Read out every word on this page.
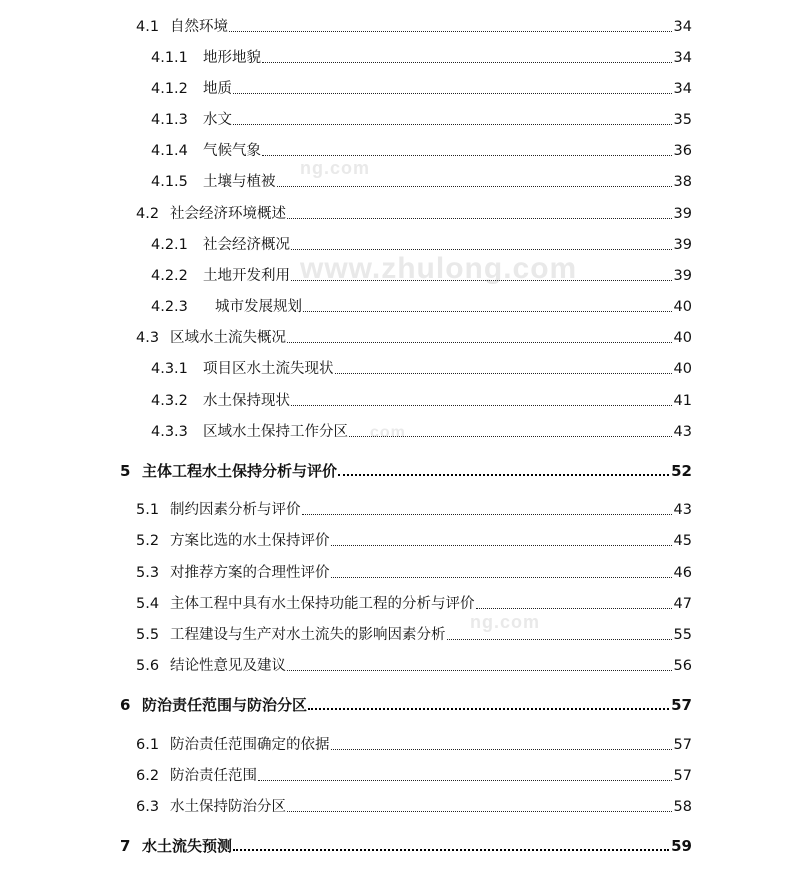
ng.com
www.zhulong.com
com
ng.com
4.1 自然环境	34
4.1.1	地形地貌	34
4.1.2	地质	34
4.1.3	水文	35
4.1.4	气候气象	36
4.1.5	土壤与植被	38
4.2 社会经济环境概述	39
4.2.1	社会经济概况	39
4.2.2	土地开发利用	39
4.2.3	城市发展规划	40
4.3 区域水土流失概况	40
4.3.1	项目区水土流失现状	40
4.3.2	水土保持现状	41
4.3.3	区域水土保持工作分区	43
5 主体工程水土保持分析与评价	52
5.1 制约因素分析与评价	43
5.2 方案比选的水土保持评价	45
5.3 对推荐方案的合理性评价	46
5.4 主体工程中具有水土保持功能工程的分析与评价	47
5.5 工程建设与生产对水土流失的影响因素分析	55
5.6 结论性意见及建议	56
6 防治责任范围与防治分区	57
6.1 防治责任范围确定的依据	57
6.2 防治责任范围	57
6.3 水土保持防治分区	58
7 水土流失预测	59
